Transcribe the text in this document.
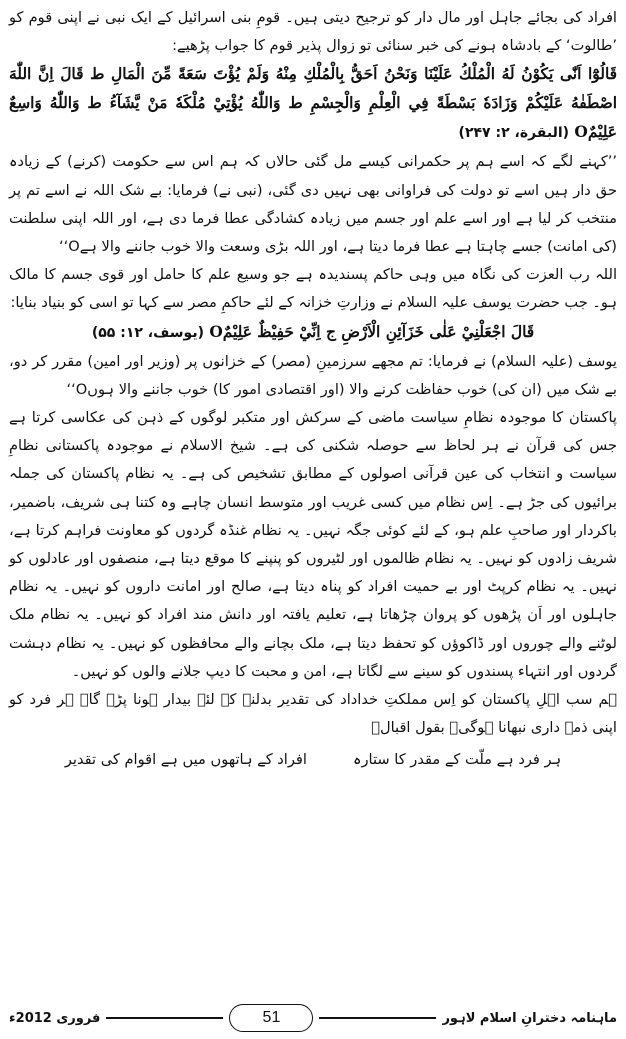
افراد کی بجائے جاہل اور مال دار کو ترجیح دیتی ہیں۔ قومِ بنی اسرائیل کے ایک نبی نے اپنی قوم کو ’طالوت‘ کے بادشاہ ہونے کی خبر سنائی تو زوال پذیر قوم کا جواب پڑھیے:

قَالُوْٓا اَنّٰى يَكُوْنُ لَهُ الْمُلْكُ عَلَيْنَا وَنَحْنُ اَحَقُّ بِالْمُلْكِ مِنْهُ وَلَمْ يُؤْتَ سَعَةً مِّنَ الْمَالِ ط قَالَ اِنَّ اللّٰهَ اصْطَفٰهُ عَلَيْكُمْ وَزَادَهٗ بَسْطَةً فِي الْعِلْمِ وَالْجِسْمِ ط وَاللّٰهُ يُؤْتِيْ مُلْكَهٗ مَنْ يَّشَآءُ ط وَاللّٰهُ وَاسِعٌ عَلِيْمٌO (البقرة، ۲: ۲۴۷)

’’کہنے لگے کہ اسے ہم پر حکمرانی کیسے مل گئی حالاں کہ ہم اس سے حکومت (کرنے) کے زیادہ حق دار ہیں اسے تو دولت کی فراوانی بھی نہیں دی گئی، (نبی نے) فرمایا: بے شک اللہ نے اسے تم پر منتخب کر لیا ہے اور اسے علم اور جسم میں زیادہ کشادگی عطا فرما دی ہے، اور اللہ اپنی سلطنت (کی امانت) جسے چاہتا ہے عطا فرما دیتا ہے، اور اللہ بڑی وسعت والا خوب جاننے والا ہےO‘‘

اللہ رب العزت کی نگاہ میں وہی حاکم پسندیدہ ہے جو وسیع علم کا حامل اور قوی جسم کا مالک ہو۔ جب حضرت یوسف علیہ السلام نے وزارتِ خزانہ کے لئے حاکمِ مصر سے کہا تو اسی کو بنیاد بنایا:

قَالَ اجْعَلْنِيْ عَلٰى خَزَآئِنِ الْاَرْضِ ج اِنِّيْ حَفِيْظٌ عَلِيْمٌO (یوسف، ۱۲: ۵۵)

یوسف (علیہ السلام) نے فرمایا: تم مجھے سرزمینِ (مصر) کے خزانوں پر (وزیر اور امین) مقرر کر دو، بے شک میں (ان کی) خوب حفاظت کرنے والا (اور اقتصادی امور کا) خوب جاننے والا ہوںO‘‘

پاکستان کا موجودہ نظامِ سیاست ماضی کے سرکش اور متکبر لوگوں کے ذہن کی عکاسی کرتا ہے جس کی قرآن نے ہر لحاظ سے حوصلہ شکنی کی ہے۔ شیخ الاسلام نے موجودہ پاکستانی نظامِ سیاست و انتخاب کی عین قرآنی اصولوں کے مطابق تشخیص کی ہے۔ یہ نظام پاکستان کی جملہ برائیوں کی جڑ ہے۔ اِس نظام میں کسی غریب اور متوسط انسان چاہے وہ کتنا ہی شریف، باضمیر، باکردار اور صاحبِ علم ہو، کے لئے کوئی جگہ نہیں۔ یہ نظام غنڈہ گردوں کو معاونت فراہم کرتا ہے، شریف زادوں کو نہیں۔ یہ نظام ظالموں اور لٹیروں کو پنپنے کا موقع دیتا ہے، منصفوں اور عادلوں کو نہیں۔ یہ نظام کرپٹ اور بے حمیت افراد کو پناہ دیتا ہے، صالح اور امانت داروں کو نہیں۔ یہ نظام جاہلوں اور اَن پڑھوں کو پروان چڑھاتا ہے، تعلیم یافتہ اور دانش مند افراد کو نہیں۔ یہ نظام ملک لوٹنے والے چوروں اور ڈاکوؤں کو تحفظ دیتا ہے، ملک بچانے والے محافظوں کو نہیں۔ یہ نظام دہشت گردوں اور انتہاء پسندوں کو سینے سے لگاتا ہے، امن و محبت کا دیپ جلانے والوں کو نہیں۔

ہم سب اہلِ پاکستان کو اِس مملکتِ خداداد کی تقدیر بدلنے کے لئے بیدار ہونا پڑے گا۔ ہر فرد کو اپنی ذمہ داری نبھانا ہوگی۔ بقول اقبالؒ

افراد کے ہاتھوں میں ہے اقوام کی تقدیر	ہر فرد ہے ملّت کے مقدر کا ستارہ
فروری 2012ء	51	ماہنامہ دخترانِ اسلام لاہور
